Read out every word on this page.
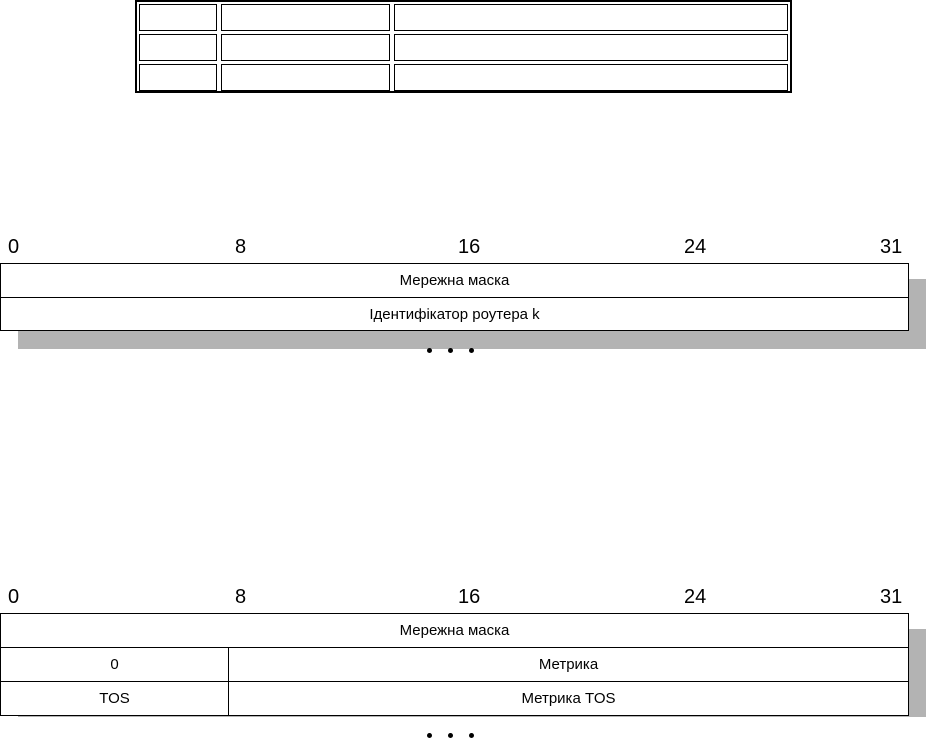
0	8	16	24	31
Мережна маска
Ідентифікатор роутера k
0	8	16	24	31
Мережна маска
0	Метрика
TOS	Метрика TOS
